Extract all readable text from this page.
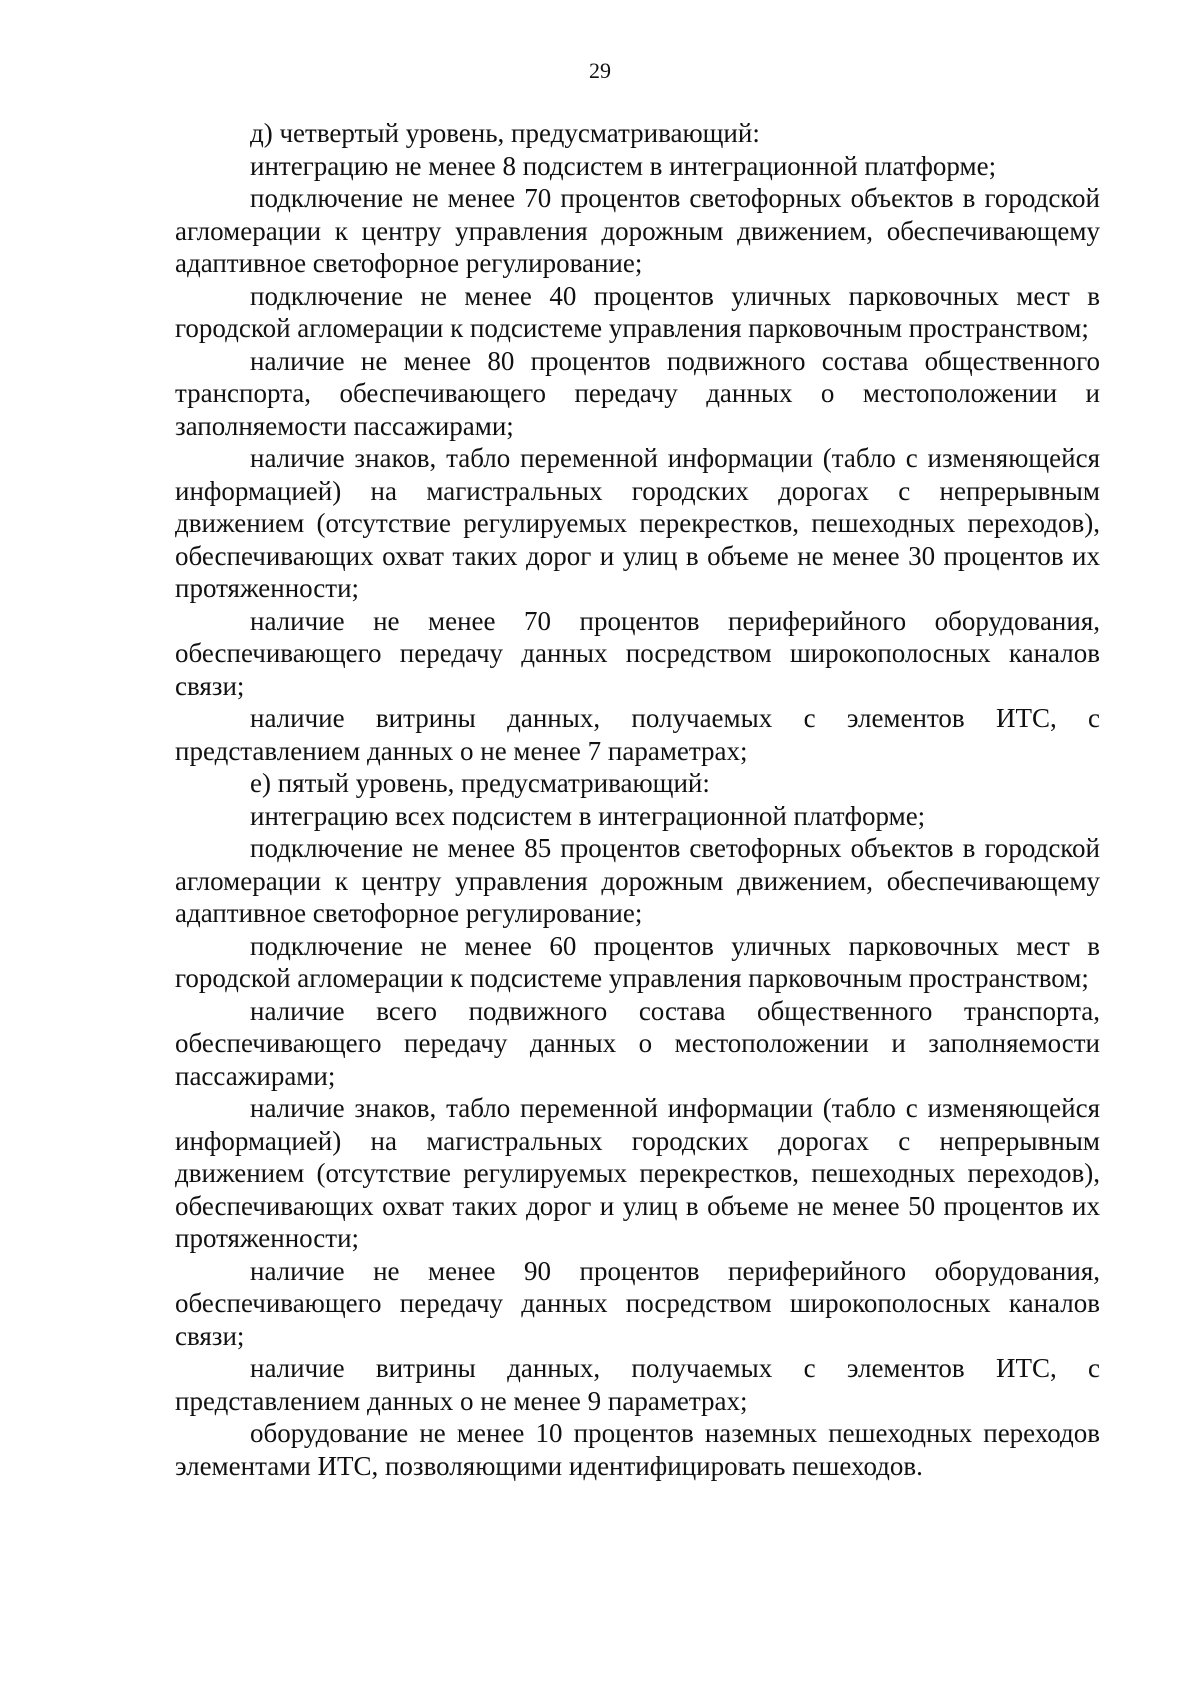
29

д) четвертый уровень, предусматривающий:

интеграцию не менее 8 подсистем в интеграционной платформе;

подключение не менее 70 процентов светофорных объектов в городской агломерации к центру управления дорожным движением, обеспечивающему адаптивное светофорное регулирование;

подключение не менее 40 процентов уличных парковочных мест в городской агломерации к подсистеме управления парковочным пространством;

наличие не менее 80 процентов подвижного состава общественного транспорта, обеспечивающего передачу данных о местоположении и заполняемости пассажирами;

наличие знаков, табло переменной информации (табло с изменяющейся информацией) на магистральных городских дорогах с непрерывным движением (отсутствие регулируемых перекрестков, пешеходных переходов), обеспечивающих охват таких дорог и улиц в объеме не менее 30 процентов их протяженности;

наличие не менее 70 процентов периферийного оборудования, обеспечивающего передачу данных посредством широкополосных каналов связи;

наличие витрины данных, получаемых с элементов ИТС, с представлением данных о не менее 7 параметрах;

е) пятый уровень, предусматривающий:

интеграцию всех подсистем в интеграционной платформе;

подключение не менее 85 процентов светофорных объектов в городской агломерации к центру управления дорожным движением, обеспечивающему адаптивное светофорное регулирование;

подключение не менее 60 процентов уличных парковочных мест в городской агломерации к подсистеме управления парковочным пространством;

наличие всего подвижного состава общественного транспорта, обеспечивающего передачу данных о местоположении и заполняемости пассажирами;

наличие знаков, табло переменной информации (табло с изменяющейся информацией) на магистральных городских дорогах с непрерывным движением (отсутствие регулируемых перекрестков, пешеходных переходов), обеспечивающих охват таких дорог и улиц в объеме не менее 50 процентов их протяженности;

наличие не менее 90 процентов периферийного оборудования, обеспечивающего передачу данных посредством широкополосных каналов связи;

наличие витрины данных, получаемых с элементов ИТС, с представлением данных о не менее 9 параметрах;

оборудование не менее 10 процентов наземных пешеходных переходов элементами ИТС, позволяющими идентифицировать пешеходов.
